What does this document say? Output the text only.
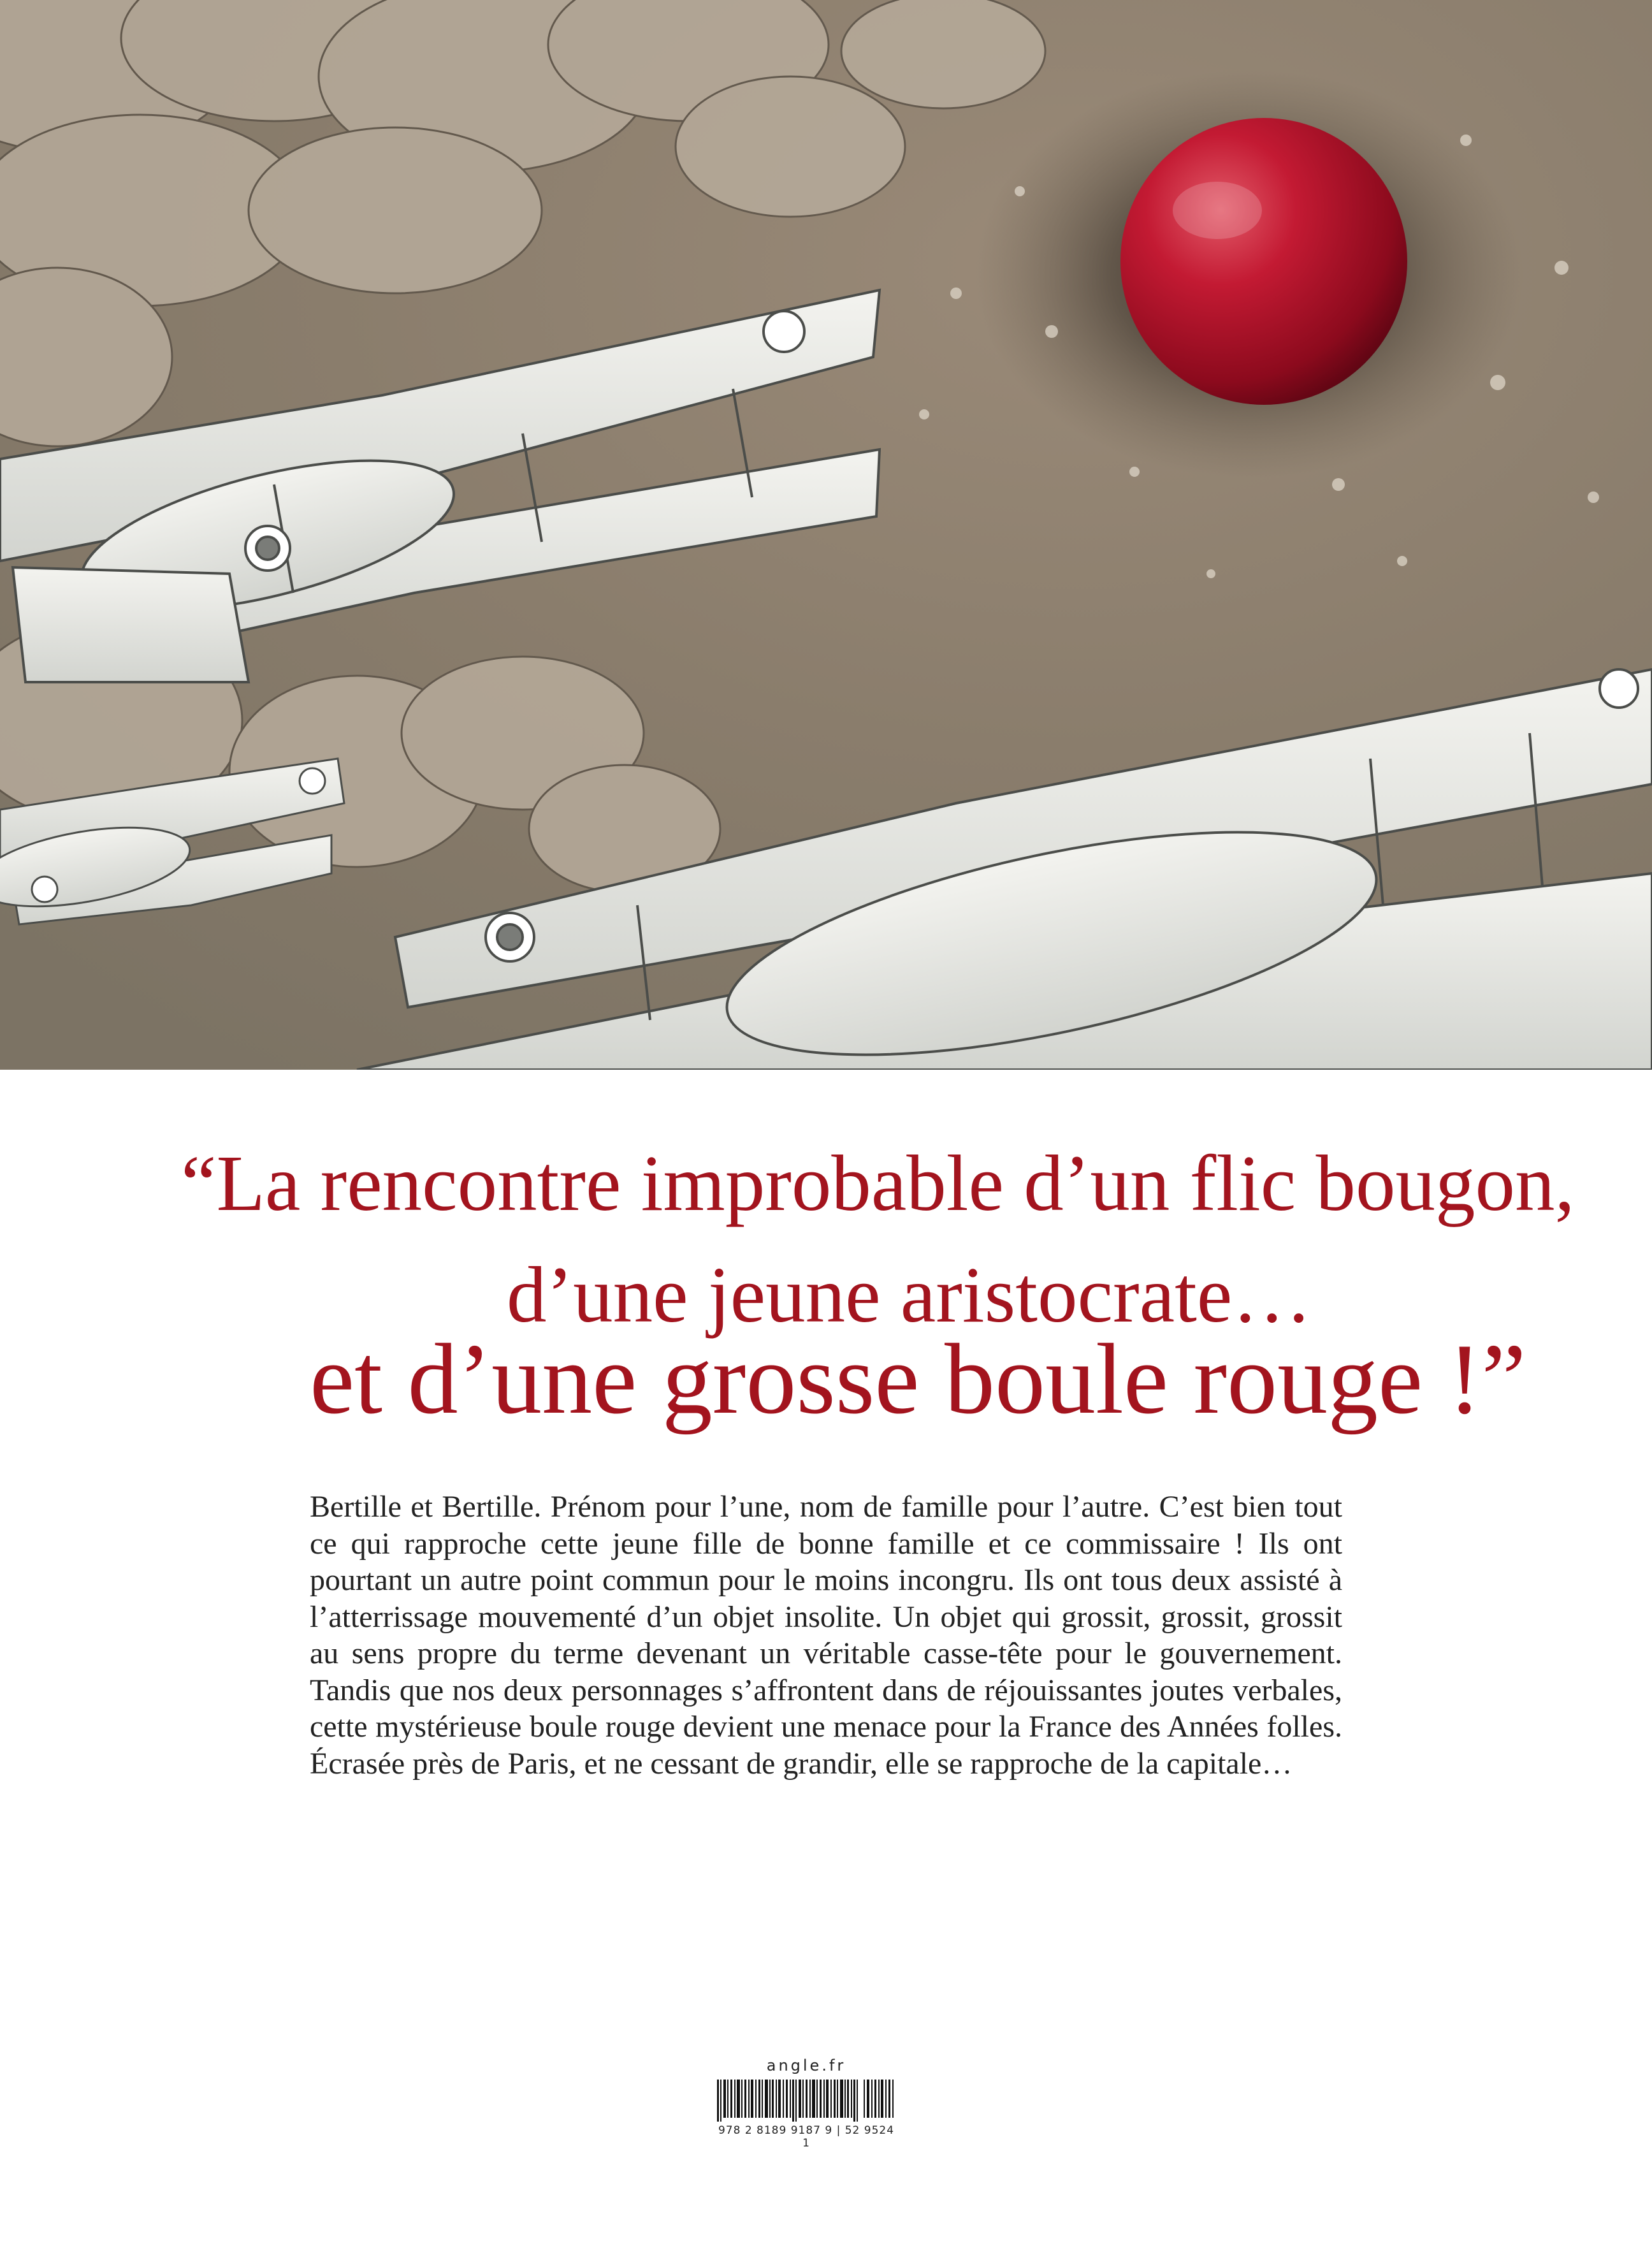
“La rencontre improbable d’un flic bougon,

d’une jeune aristocrate…

et d’une grosse boule rouge !”

Bertille et Bertille. Prénom pour l’une, nom de famille pour l’autre. C’est bien tout ce qui rapproche cette jeune fille de bonne famille et ce commissaire ! Ils ont pourtant un autre point commun pour le moins incongru. Ils ont tous deux assisté à l’atterrissage mouvementé d’un objet insolite. Un objet qui grossit, grossit, grossit au sens propre du terme devenant un véritable casse-tête pour le gouvernement. Tandis que nos deux personnages s’affrontent dans de réjouissantes joutes verbales, cette mystérieuse boule rouge devient une menace pour la France des Années folles. Écrasée près de Paris, et ne cessant de grandir, elle se rapproche de la capitale…

angle.fr
978 2 8189 9187 9 | 52 9524 1
